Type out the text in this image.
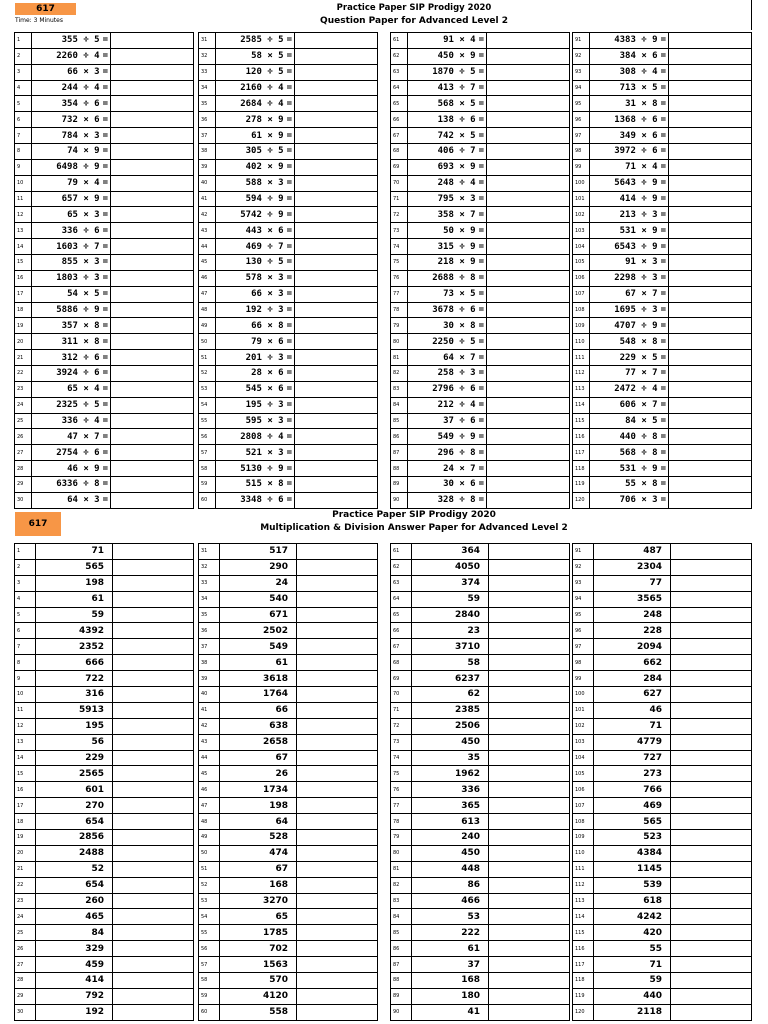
617
Time: 3 Minutes
Practice Paper SIP Prodigy 2020
Question Paper for Advanced Level 2
1	355 ÷ 5 =	
2	2260 ÷ 4 =	
3	66 × 3 =	
4	244 ÷ 4 =	
5	354 ÷ 6 =	
6	732 × 6 =	
7	784 × 3 =	
8	74 × 9 =	
9	6498 ÷ 9 =	
10	79 × 4 =	
11	657 × 9 =	
12	65 × 3 =	
13	336 ÷ 6 =	
14	1603 ÷ 7 =	
15	855 × 3 =	
16	1803 ÷ 3 =	
17	54 × 5 =	
18	5886 ÷ 9 =	
19	357 × 8 =	
20	311 × 8 =	
21	312 ÷ 6 =	
22	3924 ÷ 6 =	
23	65 × 4 =	
24	2325 ÷ 5 =	
25	336 ÷ 4 =	
26	47 × 7 =	
27	2754 ÷ 6 =	
28	46 × 9 =	
29	6336 ÷ 8 =	
30	64 × 3 =	
31	2585 ÷ 5 =	
32	58 × 5 =	
33	120 ÷ 5 =	
34	2160 ÷ 4 =	
35	2684 ÷ 4 =	
36	278 × 9 =	
37	61 × 9 =	
38	305 ÷ 5 =	
39	402 × 9 =	
40	588 × 3 =	
41	594 ÷ 9 =	
42	5742 ÷ 9 =	
43	443 × 6 =	
44	469 ÷ 7 =	
45	130 ÷ 5 =	
46	578 × 3 =	
47	66 × 3 =	
48	192 ÷ 3 =	
49	66 × 8 =	
50	79 × 6 =	
51	201 ÷ 3 =	
52	28 × 6 =	
53	545 × 6 =	
54	195 ÷ 3 =	
55	595 × 3 =	
56	2808 ÷ 4 =	
57	521 × 3 =	
58	5130 ÷ 9 =	
59	515 × 8 =	
60	3348 ÷ 6 =	
61	91 × 4 =	
62	450 × 9 =	
63	1870 ÷ 5 =	
64	413 ÷ 7 =	
65	568 × 5 =	
66	138 ÷ 6 =	
67	742 × 5 =	
68	406 ÷ 7 =	
69	693 × 9 =	
70	248 ÷ 4 =	
71	795 × 3 =	
72	358 × 7 =	
73	50 × 9 =	
74	315 ÷ 9 =	
75	218 × 9 =	
76	2688 ÷ 8 =	
77	73 × 5 =	
78	3678 ÷ 6 =	
79	30 × 8 =	
80	2250 ÷ 5 =	
81	64 × 7 =	
82	258 ÷ 3 =	
83	2796 ÷ 6 =	
84	212 ÷ 4 =	
85	37 ÷ 6 =	
86	549 ÷ 9 =	
87	296 ÷ 8 =	
88	24 × 7 =	
89	30 × 6 =	
90	328 ÷ 8 =	
91	4383 ÷ 9 =	
92	384 × 6 =	
93	308 ÷ 4 =	
94	713 × 5 =	
95	31 × 8 =	
96	1368 ÷ 6 =	
97	349 × 6 =	
98	3972 ÷ 6 =	
99	71 × 4 =	
100	5643 ÷ 9 =	
101	414 ÷ 9 =	
102	213 ÷ 3 =	
103	531 × 9 =	
104	6543 ÷ 9 =	
105	91 × 3 =	
106	2298 ÷ 3 =	
107	67 × 7 =	
108	1695 ÷ 3 =	
109	4707 ÷ 9 =	
110	548 × 8 =	
111	229 × 5 =	
112	77 × 7 =	
113	2472 ÷ 4 =	
114	606 × 7 =	
115	84 × 5 =	
116	440 ÷ 8 =	
117	568 ÷ 8 =	
118	531 ÷ 9 =	
119	55 × 8 =	
120	706 × 3 =	
617
Practice Paper SIP Prodigy 2020
Multiplication & Division Answer Paper for Advanced Level 2
1	71	
2	565	
3	198	
4	61	
5	59	
6	4392	
7	2352	
8	666	
9	722	
10	316	
11	5913	
12	195	
13	56	
14	229	
15	2565	
16	601	
17	270	
18	654	
19	2856	
20	2488	
21	52	
22	654	
23	260	
24	465	
25	84	
26	329	
27	459	
28	414	
29	792	
30	192	
31	517	
32	290	
33	24	
34	540	
35	671	
36	2502	
37	549	
38	61	
39	3618	
40	1764	
41	66	
42	638	
43	2658	
44	67	
45	26	
46	1734	
47	198	
48	64	
49	528	
50	474	
51	67	
52	168	
53	3270	
54	65	
55	1785	
56	702	
57	1563	
58	570	
59	4120	
60	558	
61	364	
62	4050	
63	374	
64	59	
65	2840	
66	23	
67	3710	
68	58	
69	6237	
70	62	
71	2385	
72	2506	
73	450	
74	35	
75	1962	
76	336	
77	365	
78	613	
79	240	
80	450	
81	448	
82	86	
83	466	
84	53	
85	222	
86	61	
87	37	
88	168	
89	180	
90	41	
91	487	
92	2304	
93	77	
94	3565	
95	248	
96	228	
97	2094	
98	662	
99	284	
100	627	
101	46	
102	71	
103	4779	
104	727	
105	273	
106	766	
107	469	
108	565	
109	523	
110	4384	
111	1145	
112	539	
113	618	
114	4242	
115	420	
116	55	
117	71	
118	59	
119	440	
120	2118	
